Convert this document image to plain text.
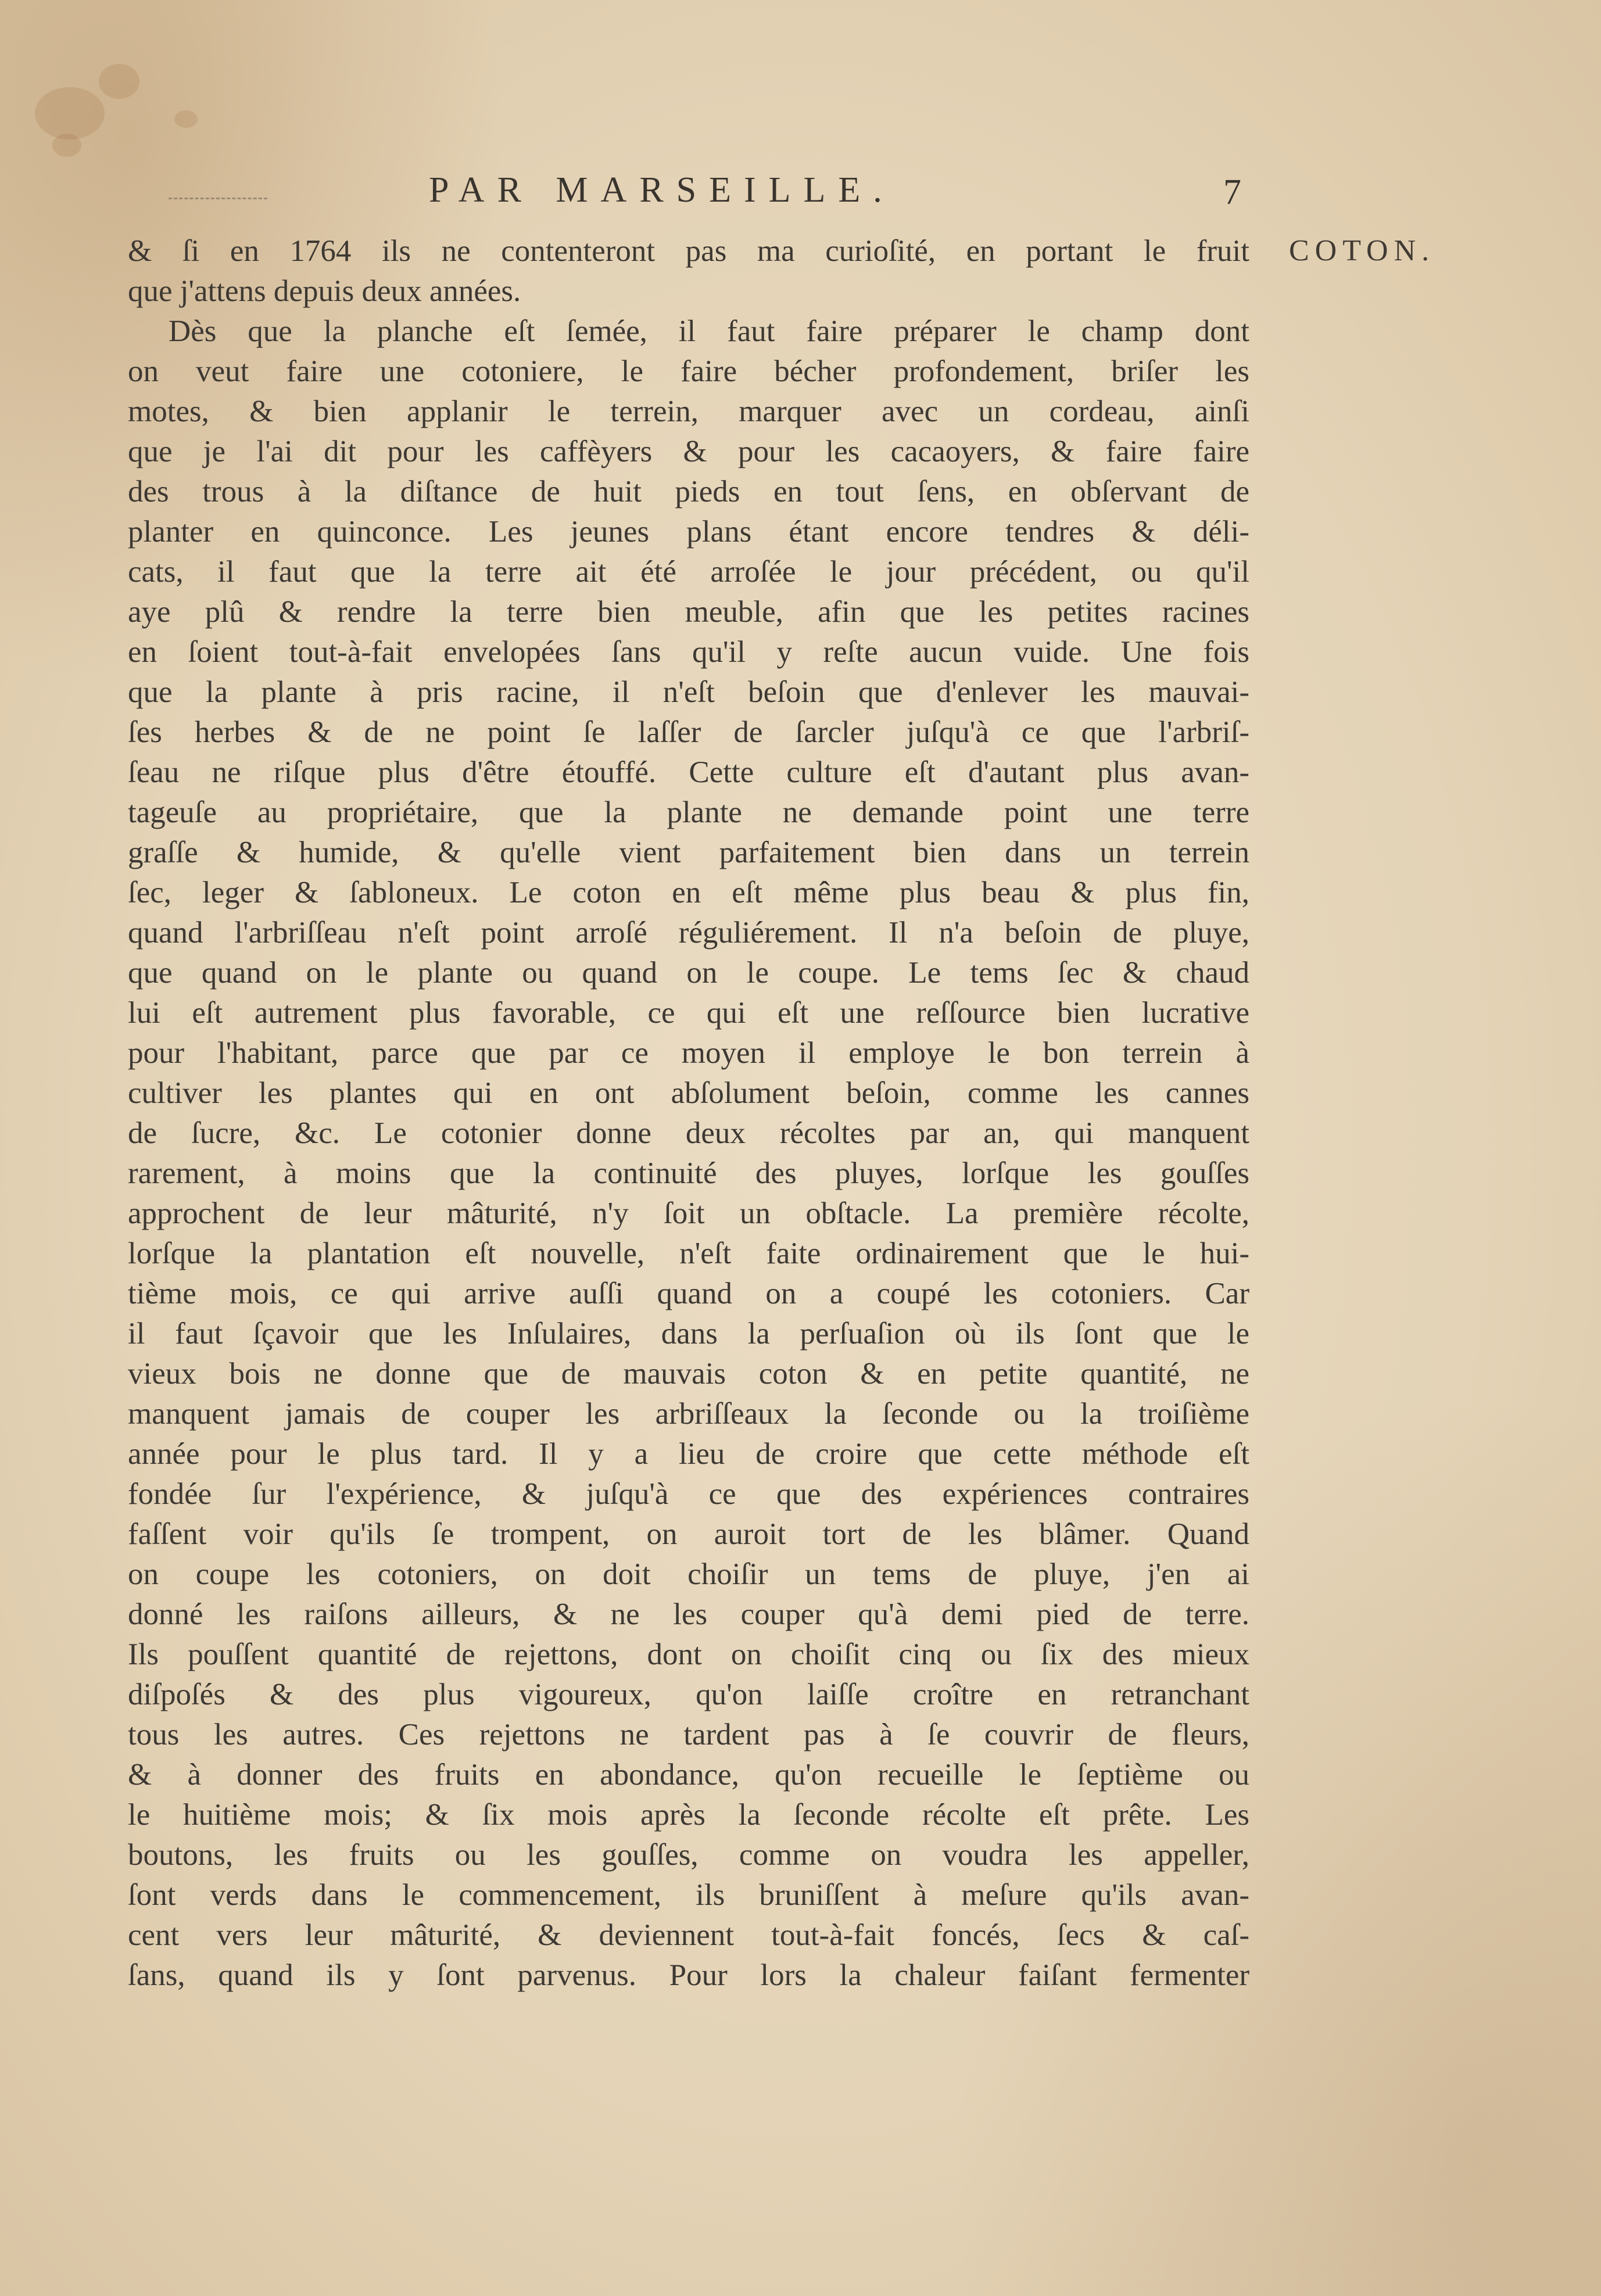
PAR MARSEILLE.	7
COTON.
& ſi en 1764 ils ne contenteront pas ma curioſité, en portant le fruit
que j'attens depuis deux années.
Dès que la planche eſt ſemée, il faut faire préparer le champ dont
on veut faire une cotoniere, le faire bécher profondement, briſer les
motes, & bien applanir le terrein, marquer avec un cordeau, ainſi
que je l'ai dit pour les caffèyers & pour les cacaoyers, & faire faire
des trous à la diſtance de huit pieds en tout ſens, en obſervant de
planter en quinconce. Les jeunes plans étant encore tendres & déli-
cats, il faut que la terre ait été arroſée le jour précédent, ou qu'il
aye plû & rendre la terre bien meuble, afin que les petites racines
en ſoient tout-à-fait envelopées ſans qu'il y reſte aucun vuide. Une fois
que la plante à pris racine, il n'eſt beſoin que d'enlever les mauvai-
ſes herbes & de ne point ſe laſſer de ſarcler juſqu'à ce que l'arbriſ-
ſeau ne riſque plus d'être étouffé. Cette culture eſt d'autant plus avan-
tageuſe au propriétaire, que la plante ne demande point une terre
graſſe & humide, & qu'elle vient parfaitement bien dans un terrein
ſec, leger & ſabloneux. Le coton en eſt même plus beau & plus fin,
quand l'arbriſſeau n'eſt point arroſé réguliérement. Il n'a beſoin de pluye,
que quand on le plante ou quand on le coupe. Le tems ſec & chaud
lui eſt autrement plus favorable, ce qui eſt une reſſource bien lucrative
pour l'habitant, parce que par ce moyen il employe le bon terrein à
cultiver les plantes qui en ont abſolument beſoin, comme les cannes
de ſucre, &c. Le cotonier donne deux récoltes par an, qui manquent
rarement, à moins que la continuité des pluyes, lorſque les gouſſes
approchent de leur mâturité, n'y ſoit un obſtacle. La première récolte,
lorſque la plantation eſt nouvelle, n'eſt faite ordinairement que le hui-
tième mois, ce qui arrive auſſi quand on a coupé les cotoniers. Car
il faut ſçavoir que les Inſulaires, dans la perſuaſion où ils ſont que le
vieux bois ne donne que de mauvais coton & en petite quantité, ne
manquent jamais de couper les arbriſſeaux la ſeconde ou la troiſième
année pour le plus tard. Il y a lieu de croire que cette méthode eſt
fondée ſur l'expérience, & juſqu'à ce que des expériences contraires
faſſent voir qu'ils ſe trompent, on auroit tort de les blâmer. Quand
on coupe les cotoniers, on doit choiſir un tems de pluye, j'en ai
donné les raiſons ailleurs, & ne les couper qu'à demi pied de terre.
Ils pouſſent quantité de rejettons, dont on choiſit cinq ou ſix des mieux
diſpoſés & des plus vigoureux, qu'on laiſſe croître en retranchant
tous les autres. Ces rejettons ne tardent pas à ſe couvrir de fleurs,
& à donner des fruits en abondance, qu'on recueille le ſeptième ou
le huitième mois; & ſix mois après la ſeconde récolte eſt prête. Les
boutons, les fruits ou les gouſſes, comme on voudra les appeller,
ſont verds dans le commencement, ils bruniſſent à meſure qu'ils avan-
cent vers leur mâturité, & deviennent tout-à-fait foncés, ſecs & caſ-
ſans, quand ils y ſont parvenus. Pour lors la chaleur faiſant fermenter
